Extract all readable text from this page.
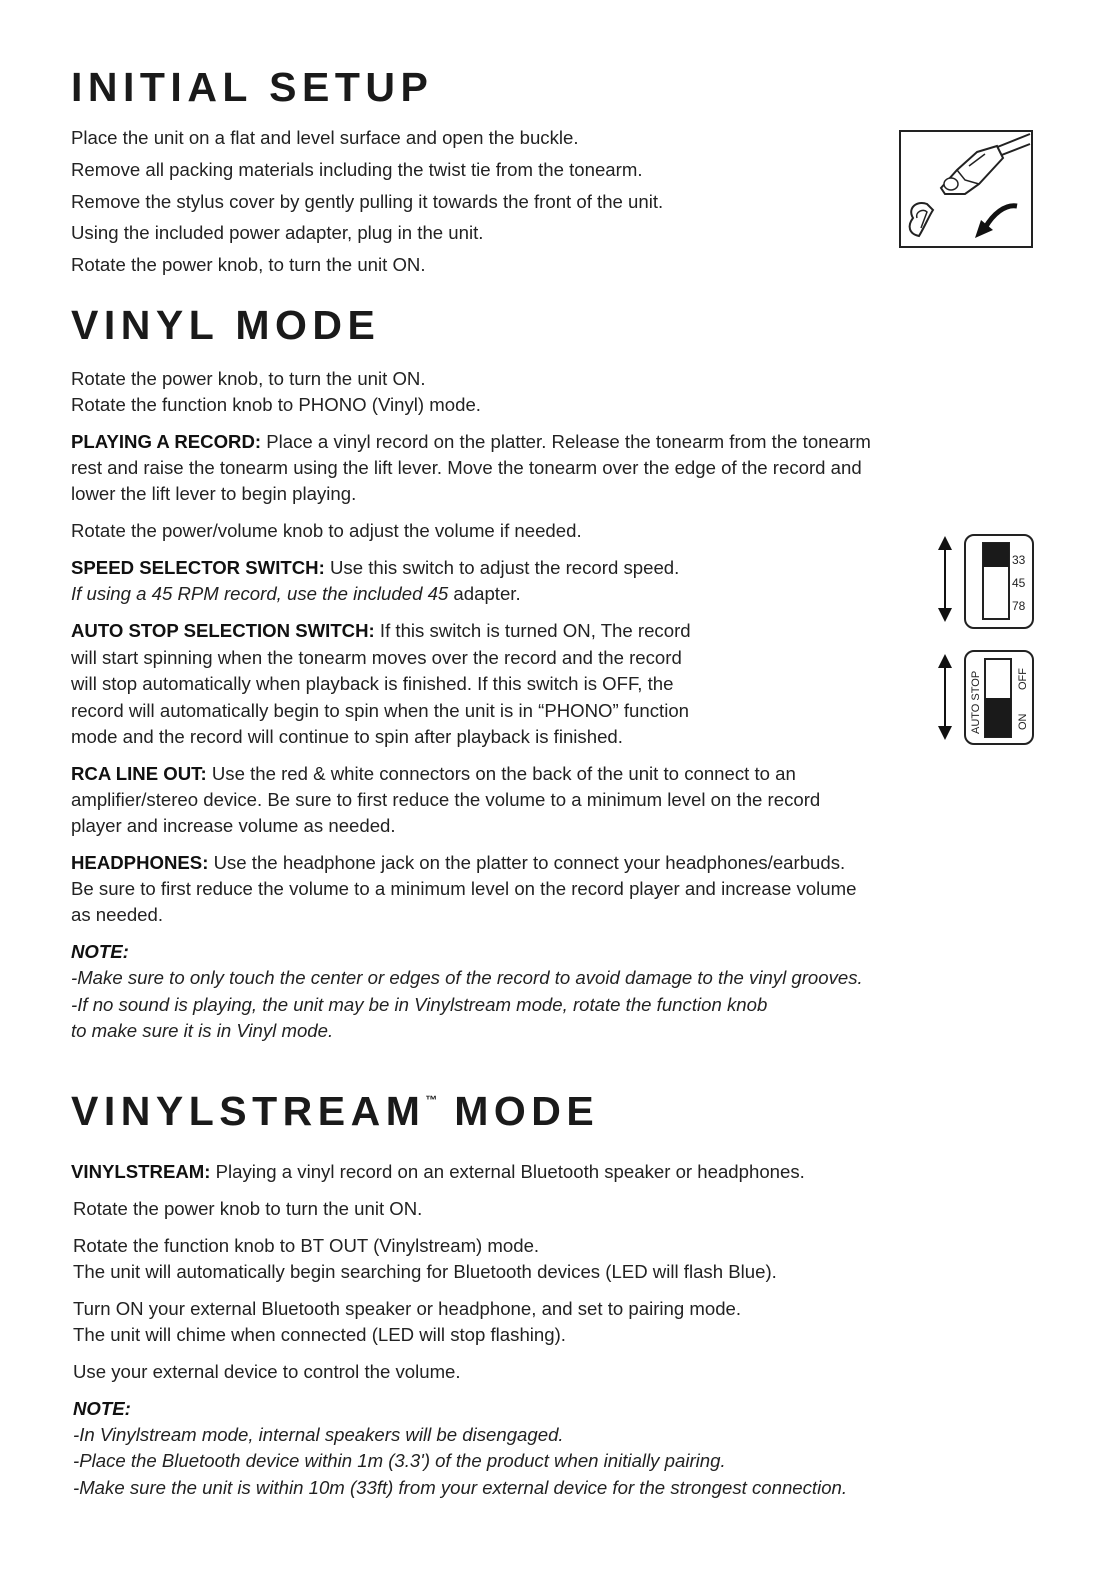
INITIAL SETUP

Place the unit on a flat and level surface and open the buckle.

Remove all packing materials including the twist tie from the tonearm.

Remove the stylus cover by gently pulling it towards the front of the unit.

Using the included power adapter, plug in the unit.

Rotate the power knob, to turn the unit ON.

VINYL MODE

Rotate the power knob, to turn the unit ON.

Rotate the function knob to PHONO (Vinyl) mode.

PLAYING A RECORD: Place a vinyl record on the platter. Release the tonearm from the tonearm

rest and raise the tonearm using the lift lever. Move the tonearm over the edge of the record and

lower the lift lever to begin playing.

Rotate the power/volume knob to adjust the volume if needed.

SPEED SELECTOR SWITCH: Use this switch to adjust the record speed.

If using a 45 RPM record, use the included 45 adapter.

33
45
78

AUTO STOP SELECTION SWITCH: If this switch is turned ON, The record

will start spinning when the tonearm moves over the record and the record

will stop automatically when playback is finished. If this switch is OFF, the

record will automatically begin to spin when the unit is in “PHONO” function

mode and the record will continue to spin after playback is finished.

AUTO STOP	OFF
ON

RCA LINE OUT: Use the red & white connectors on the back of the unit to connect to an

amplifier/stereo device. Be sure to first reduce the volume to a minimum level on the record

player and increase volume as needed.

HEADPHONES: Use the headphone jack on the platter to connect your headphones/earbuds.

Be sure to first reduce the volume to a minimum level on the record player and increase volume

as needed.

NOTE:

-Make sure to only touch the center or edges of the record to avoid damage to the vinyl grooves.

-If no sound is playing, the unit may be in Vinylstream mode, rotate the function knob

to make sure it is in Vinyl mode.

VINYLSTREAM™ MODE

VINYLSTREAM: Playing a vinyl record on an external Bluetooth speaker or headphones.

Rotate the power knob to turn the unit ON.

Rotate the function knob to BT OUT (Vinylstream) mode.

The unit will automatically begin searching for Bluetooth devices (LED will flash Blue).

Turn ON your external Bluetooth speaker or headphone, and set to pairing mode.

The unit will chime when connected (LED will stop flashing).

Use your external device to control the volume.

NOTE:

-In Vinylstream mode, internal speakers will be disengaged.

-Place the Bluetooth device within 1m (3.3') of the product when initially pairing.

-Make sure the unit is within 10m (33ft) from your external device for the strongest connection.
